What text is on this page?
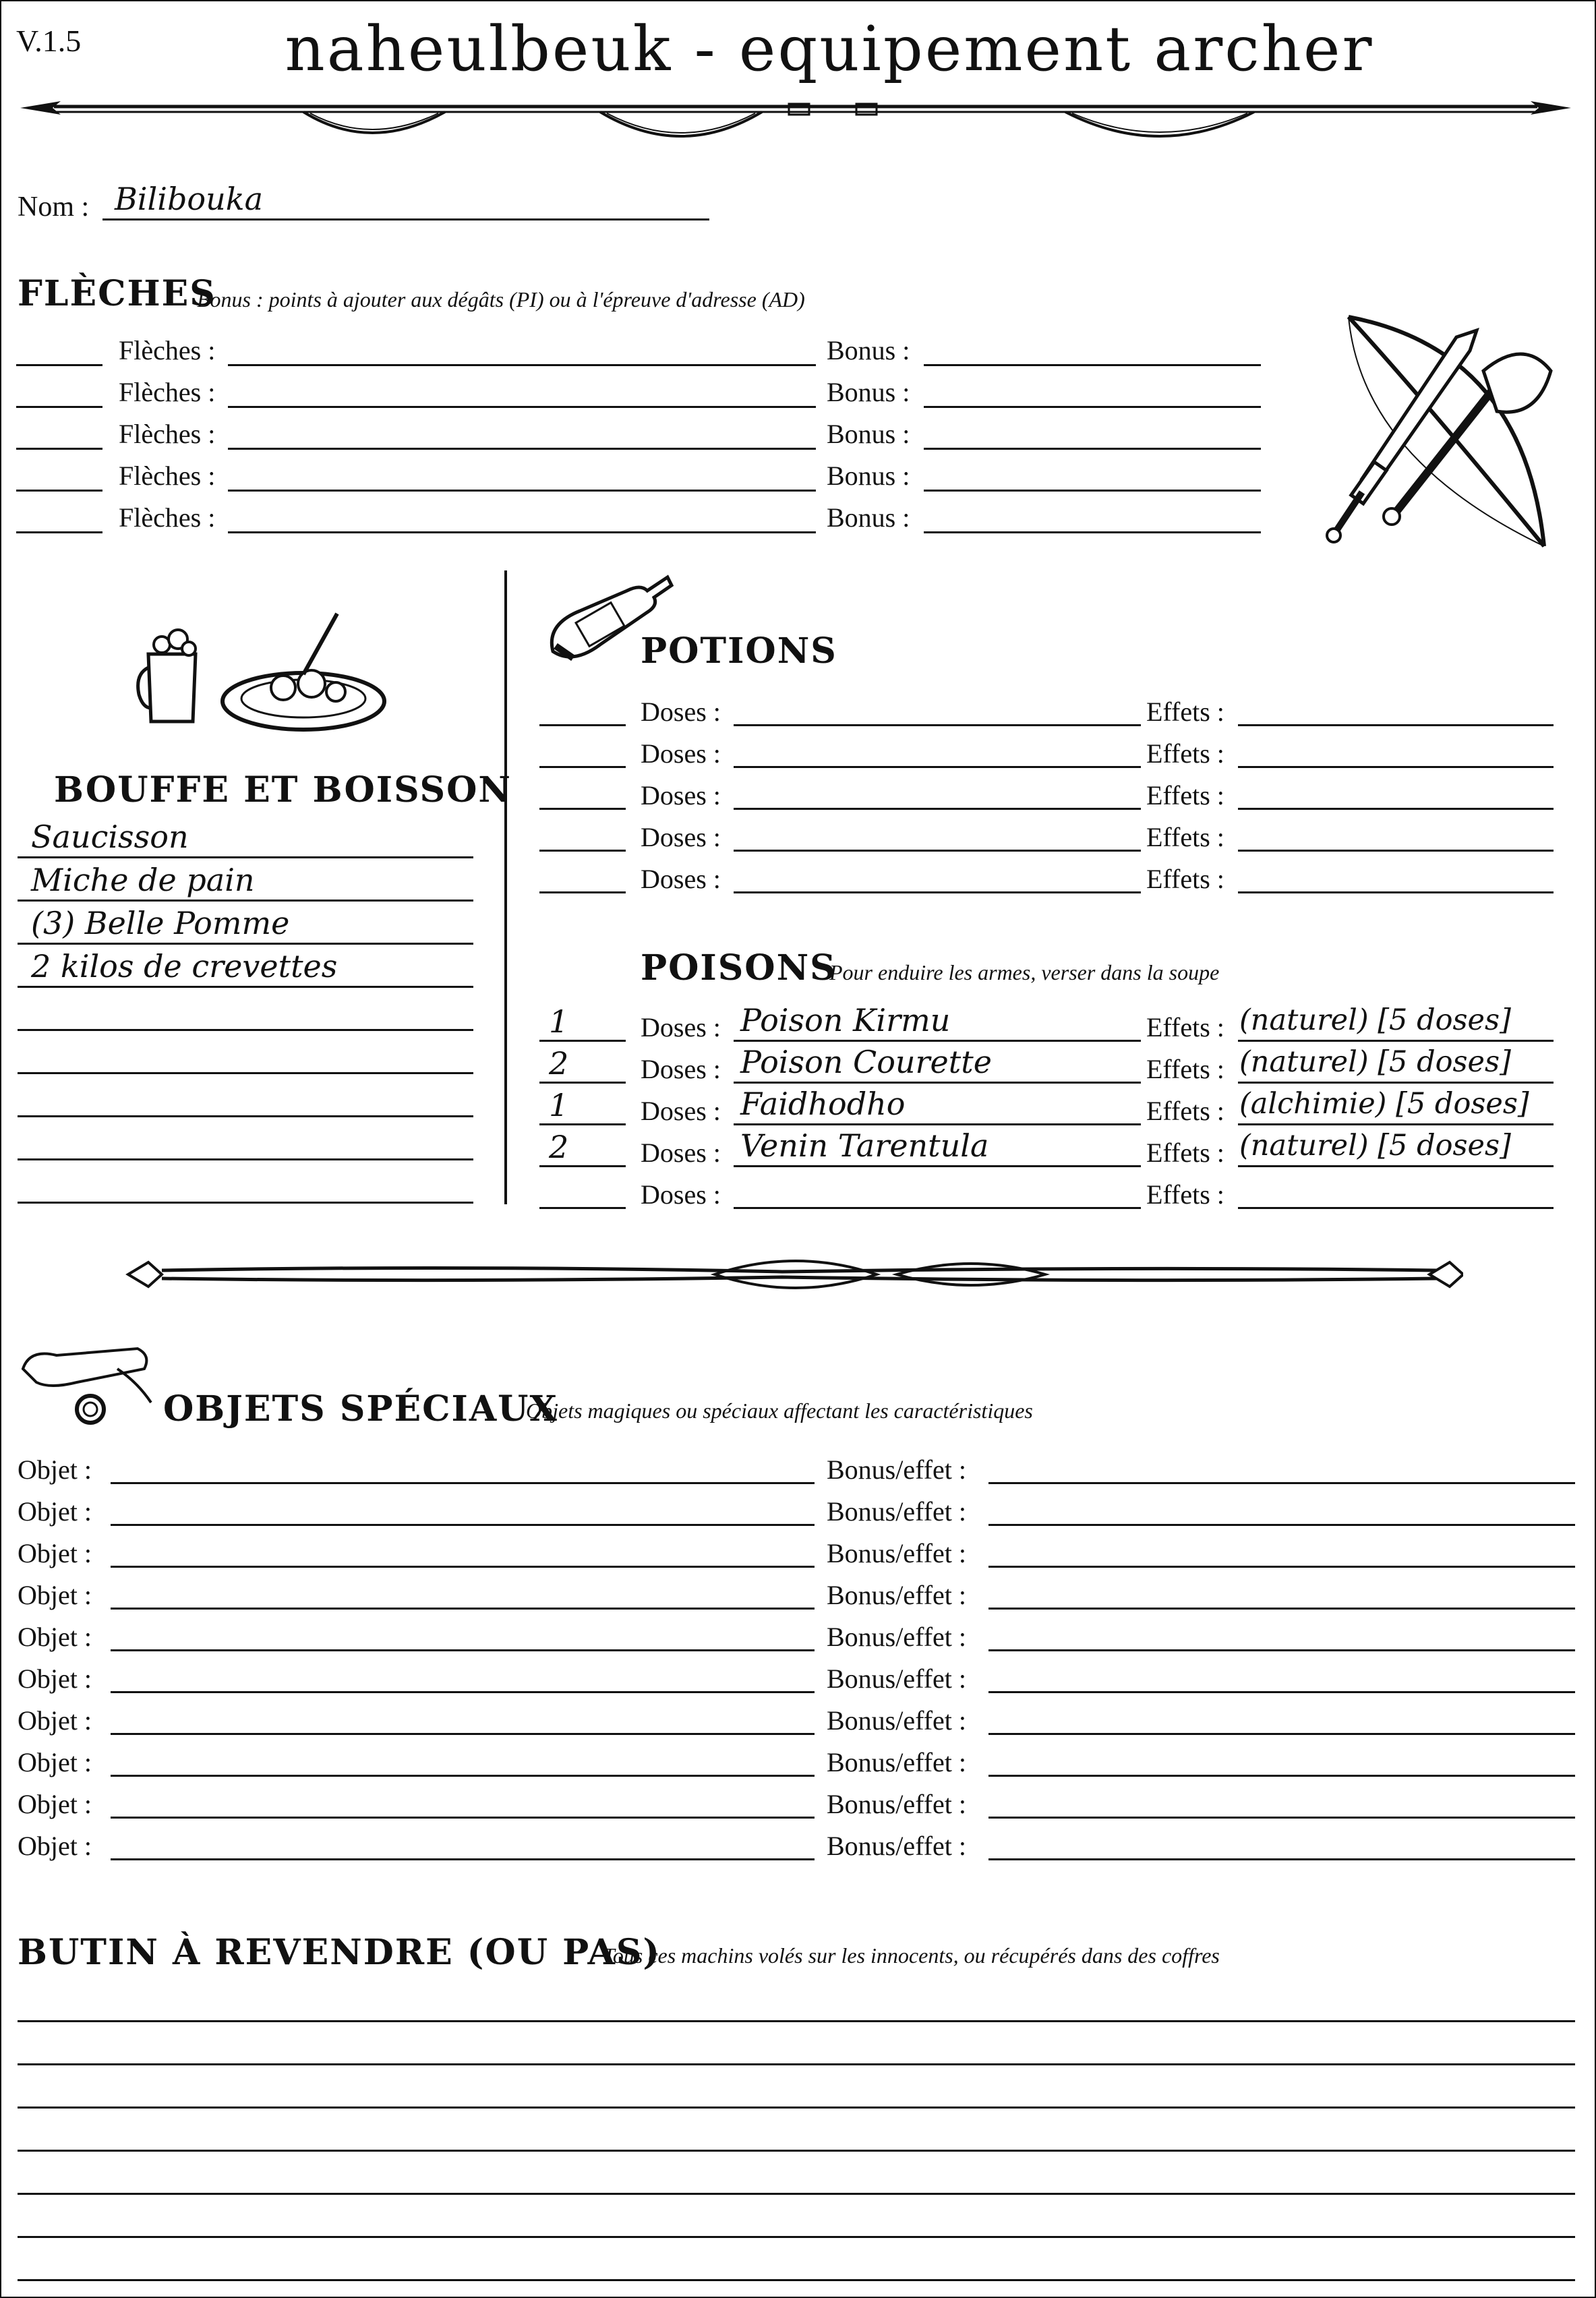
V.1.5	naheulbeuk - equipement archer
Nom : Bilibouka
FLÈCHES
Bonus : points à ajouter aux dégâts (PI) ou à l'épreuve d'adresse (AD)
Flèches :	Bonus :
Flèches :	Bonus :
Flèches :	Bonus :
Flèches :	Bonus :
Flèches :	Bonus :
BOUFFE ET BOISSON
Saucisson
Miche de pain
(3) Belle Pomme
2 kilos de crevettes
POTIONS
Doses :	Effets :
Doses :	Effets :
Doses :	Effets :
Doses :	Effets :
Doses :	Effets :
POISONS
Pour enduire les armes, verser dans la soupe
1	Doses : Poison Kirmu	Effets : (naturel) [5 doses]
2	Doses : Poison Courette	Effets : (naturel) [5 doses]
1	Doses : Faidhodho	Effets : (alchimie) [5 doses]
2	Doses : Venin Tarentula	Effets : (naturel) [5 doses]
Doses :	Effets :
OBJETS SPÉCIAUX
Objets magiques ou spéciaux affectant les caractéristiques
Objet :	Bonus/effet :
Objet :	Bonus/effet :
Objet :	Bonus/effet :
Objet :	Bonus/effet :
Objet :	Bonus/effet :
Objet :	Bonus/effet :
Objet :	Bonus/effet :
Objet :	Bonus/effet :
Objet :	Bonus/effet :
Objet :	Bonus/effet :
BUTIN À REVENDRE (OU PAS)
Tous ces machins volés sur les innocents, ou récupérés dans des coffres
